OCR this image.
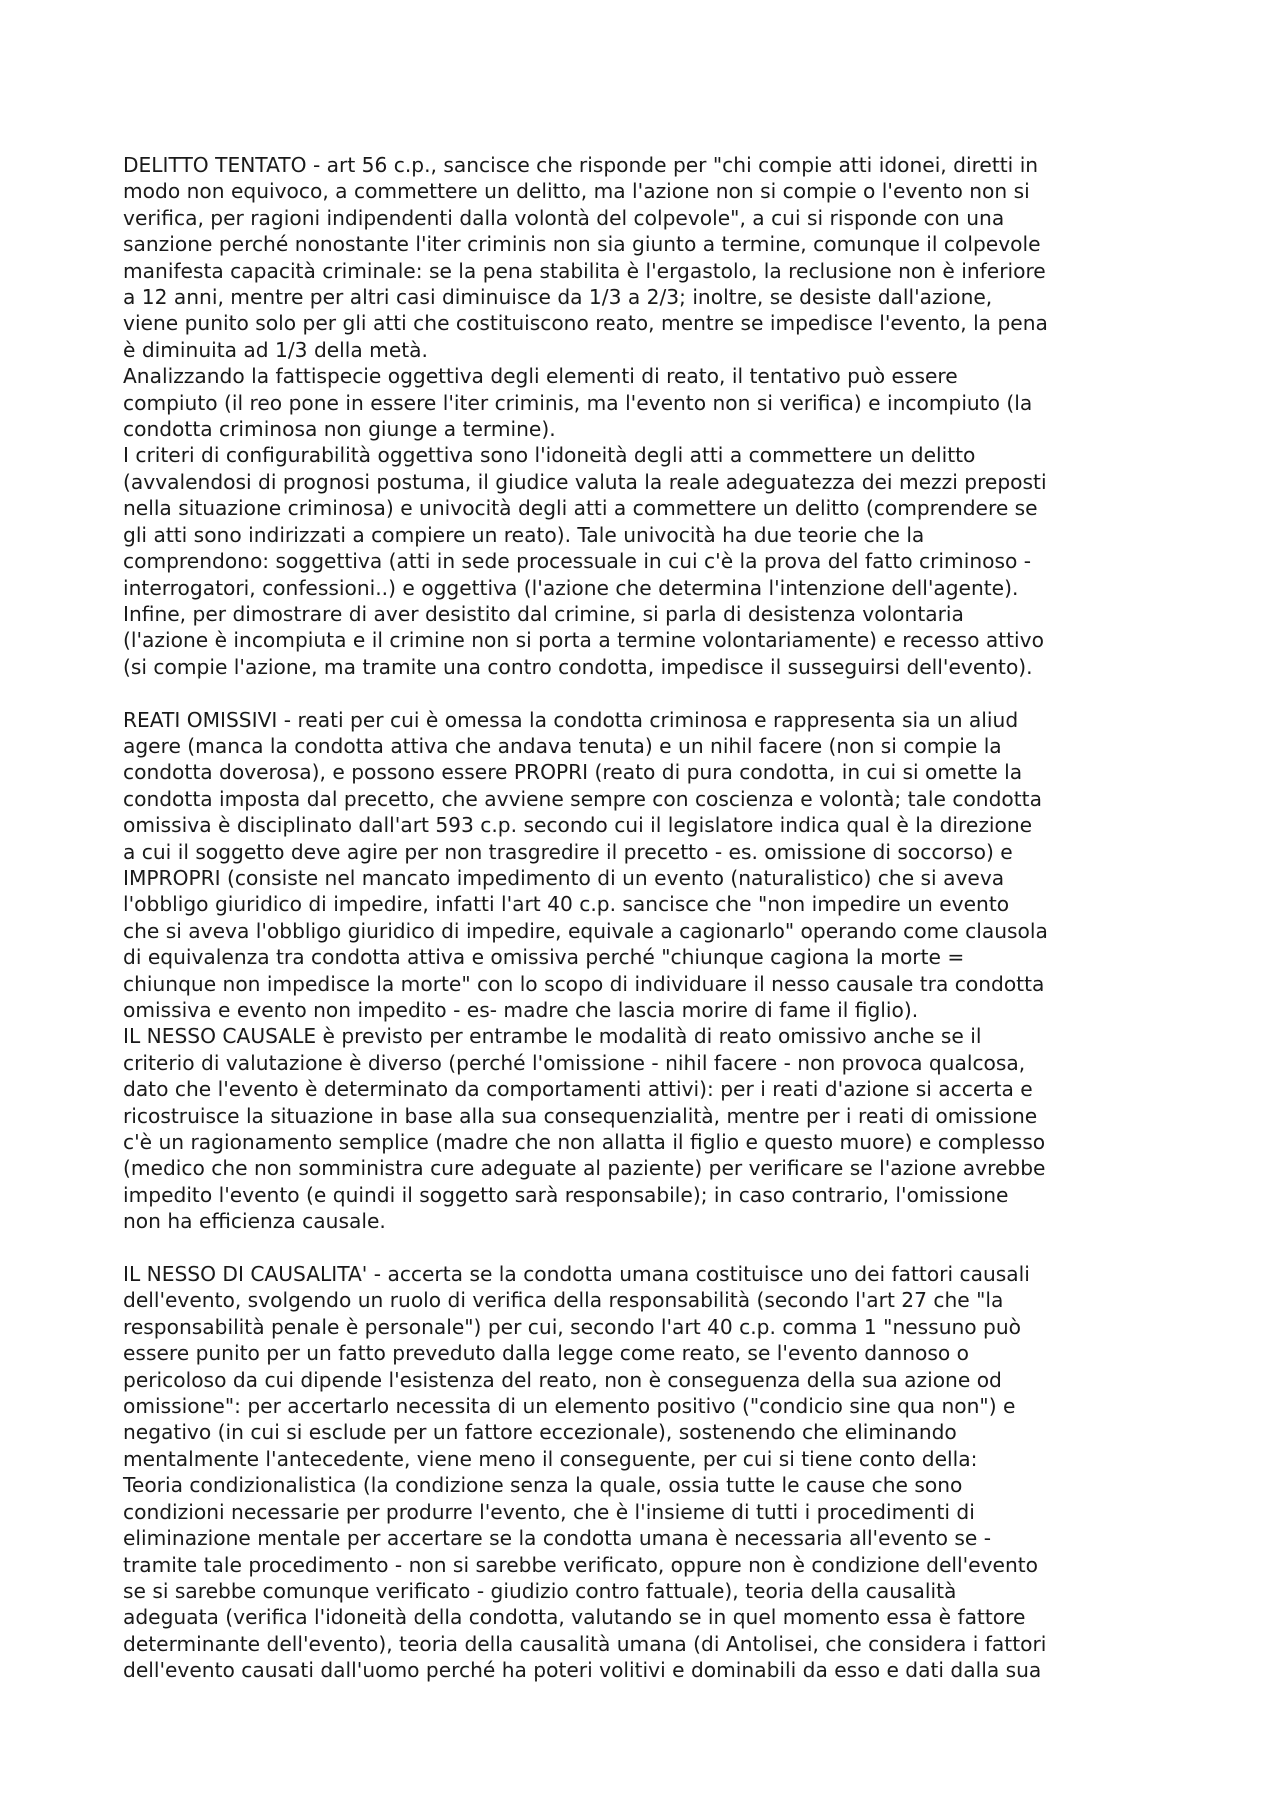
DELITTO TENTATO - art 56 c.p., sancisce che risponde per "chi compie atti idonei, diretti in
modo non equivoco, a commettere un delitto, ma l'azione non si compie o l'evento non si
verifica, per ragioni indipendenti dalla volontà del colpevole", a cui si risponde con una
sanzione perché nonostante l'iter criminis non sia giunto a termine, comunque il colpevole
manifesta capacità criminale: se la pena stabilita è l'ergastolo, la reclusione non è inferiore
a 12 anni, mentre per altri casi diminuisce da 1/3 a 2/3; inoltre, se desiste dall'azione,
viene punito solo per gli atti che costituiscono reato, mentre se impedisce l'evento, la pena
è diminuita ad 1/3 della metà.

Analizzando la fattispecie oggettiva degli elementi di reato, il tentativo può essere
compiuto (il reo pone in essere l'iter criminis, ma l'evento non si verifica) e incompiuto (la
condotta criminosa non giunge a termine).

I criteri di configurabilità oggettiva sono l'idoneità degli atti a commettere un delitto
(avvalendosi di prognosi postuma, il giudice valuta la reale adeguatezza dei mezzi preposti
nella situazione criminosa) e univocità degli atti a commettere un delitto (comprendere se
gli atti sono indirizzati a compiere un reato). Tale univocità ha due teorie che la
comprendono: soggettiva (atti in sede processuale in cui c'è la prova del fatto criminoso -
interrogatori, confessioni..) e oggettiva (l'azione che determina l'intenzione dell'agente).

Infine, per dimostrare di aver desistito dal crimine, si parla di desistenza volontaria
(l'azione è incompiuta e il crimine non si porta a termine volontariamente) e recesso attivo
(si compie l'azione, ma tramite una contro condotta, impedisce il susseguirsi dell'evento).

REATI OMISSIVI - reati per cui è omessa la condotta criminosa e rappresenta sia un aliud
agere (manca la condotta attiva che andava tenuta) e un nihil facere (non si compie la
condotta doverosa), e possono essere PROPRI (reato di pura condotta, in cui si omette la
condotta imposta dal precetto, che avviene sempre con coscienza e volontà; tale condotta
omissiva è disciplinato dall'art 593 c.p. secondo cui il legislatore indica qual è la direzione
a cui il soggetto deve agire per non trasgredire il precetto - es. omissione di soccorso) e
IMPROPRI (consiste nel mancato impedimento di un evento (naturalistico) che si aveva
l'obbligo giuridico di impedire, infatti l'art 40 c.p. sancisce che "non impedire un evento
che si aveva l'obbligo giuridico di impedire, equivale a cagionarlo" operando come clausola
di equivalenza tra condotta attiva e omissiva perché "chiunque cagiona la morte =
chiunque non impedisce la morte" con lo scopo di individuare il nesso causale tra condotta
omissiva e evento non impedito - es- madre che lascia morire di fame il figlio).

IL NESSO CAUSALE è previsto per entrambe le modalità di reato omissivo anche se il
criterio di valutazione è diverso (perché l'omissione - nihil facere - non provoca qualcosa,
dato che l'evento è determinato da comportamenti attivi): per i reati d'azione si accerta e
ricostruisce la situazione in base alla sua consequenzialità, mentre per i reati di omissione
c'è un ragionamento semplice (madre che non allatta il figlio e questo muore) e complesso
(medico che non somministra cure adeguate al paziente) per verificare se l'azione avrebbe
impedito l'evento (e quindi il soggetto sarà responsabile); in caso contrario, l'omissione
non ha efficienza causale.

IL NESSO DI CAUSALITA' - accerta se la condotta umana costituisce uno dei fattori causali
dell'evento, svolgendo un ruolo di verifica della responsabilità (secondo l'art 27 che "la
responsabilità penale è personale") per cui, secondo l'art 40 c.p. comma 1 "nessuno può
essere punito per un fatto preveduto dalla legge come reato, se l'evento dannoso o
pericoloso da cui dipende l'esistenza del reato, non è conseguenza della sua azione od
omissione": per accertarlo necessita di un elemento positivo ("condicio sine qua non") e
negativo (in cui si esclude per un fattore eccezionale), sostenendo che eliminando
mentalmente l'antecedente, viene meno il conseguente, per cui si tiene conto della:
Teoria condizionalistica (la condizione senza la quale, ossia tutte le cause che sono
condizioni necessarie per produrre l'evento, che è l'insieme di tutti i procedimenti di
eliminazione mentale per accertare se la condotta umana è necessaria all'evento se -
tramite tale procedimento - non si sarebbe verificato, oppure non è condizione dell'evento
se si sarebbe comunque verificato - giudizio contro fattuale), teoria della causalità
adeguata (verifica l'idoneità della condotta, valutando se in quel momento essa è fattore
determinante dell'evento), teoria della causalità umana (di Antolisei, che considera i fattori
dell'evento causati dall'uomo perché ha poteri volitivi e dominabili da esso e dati dalla sua
